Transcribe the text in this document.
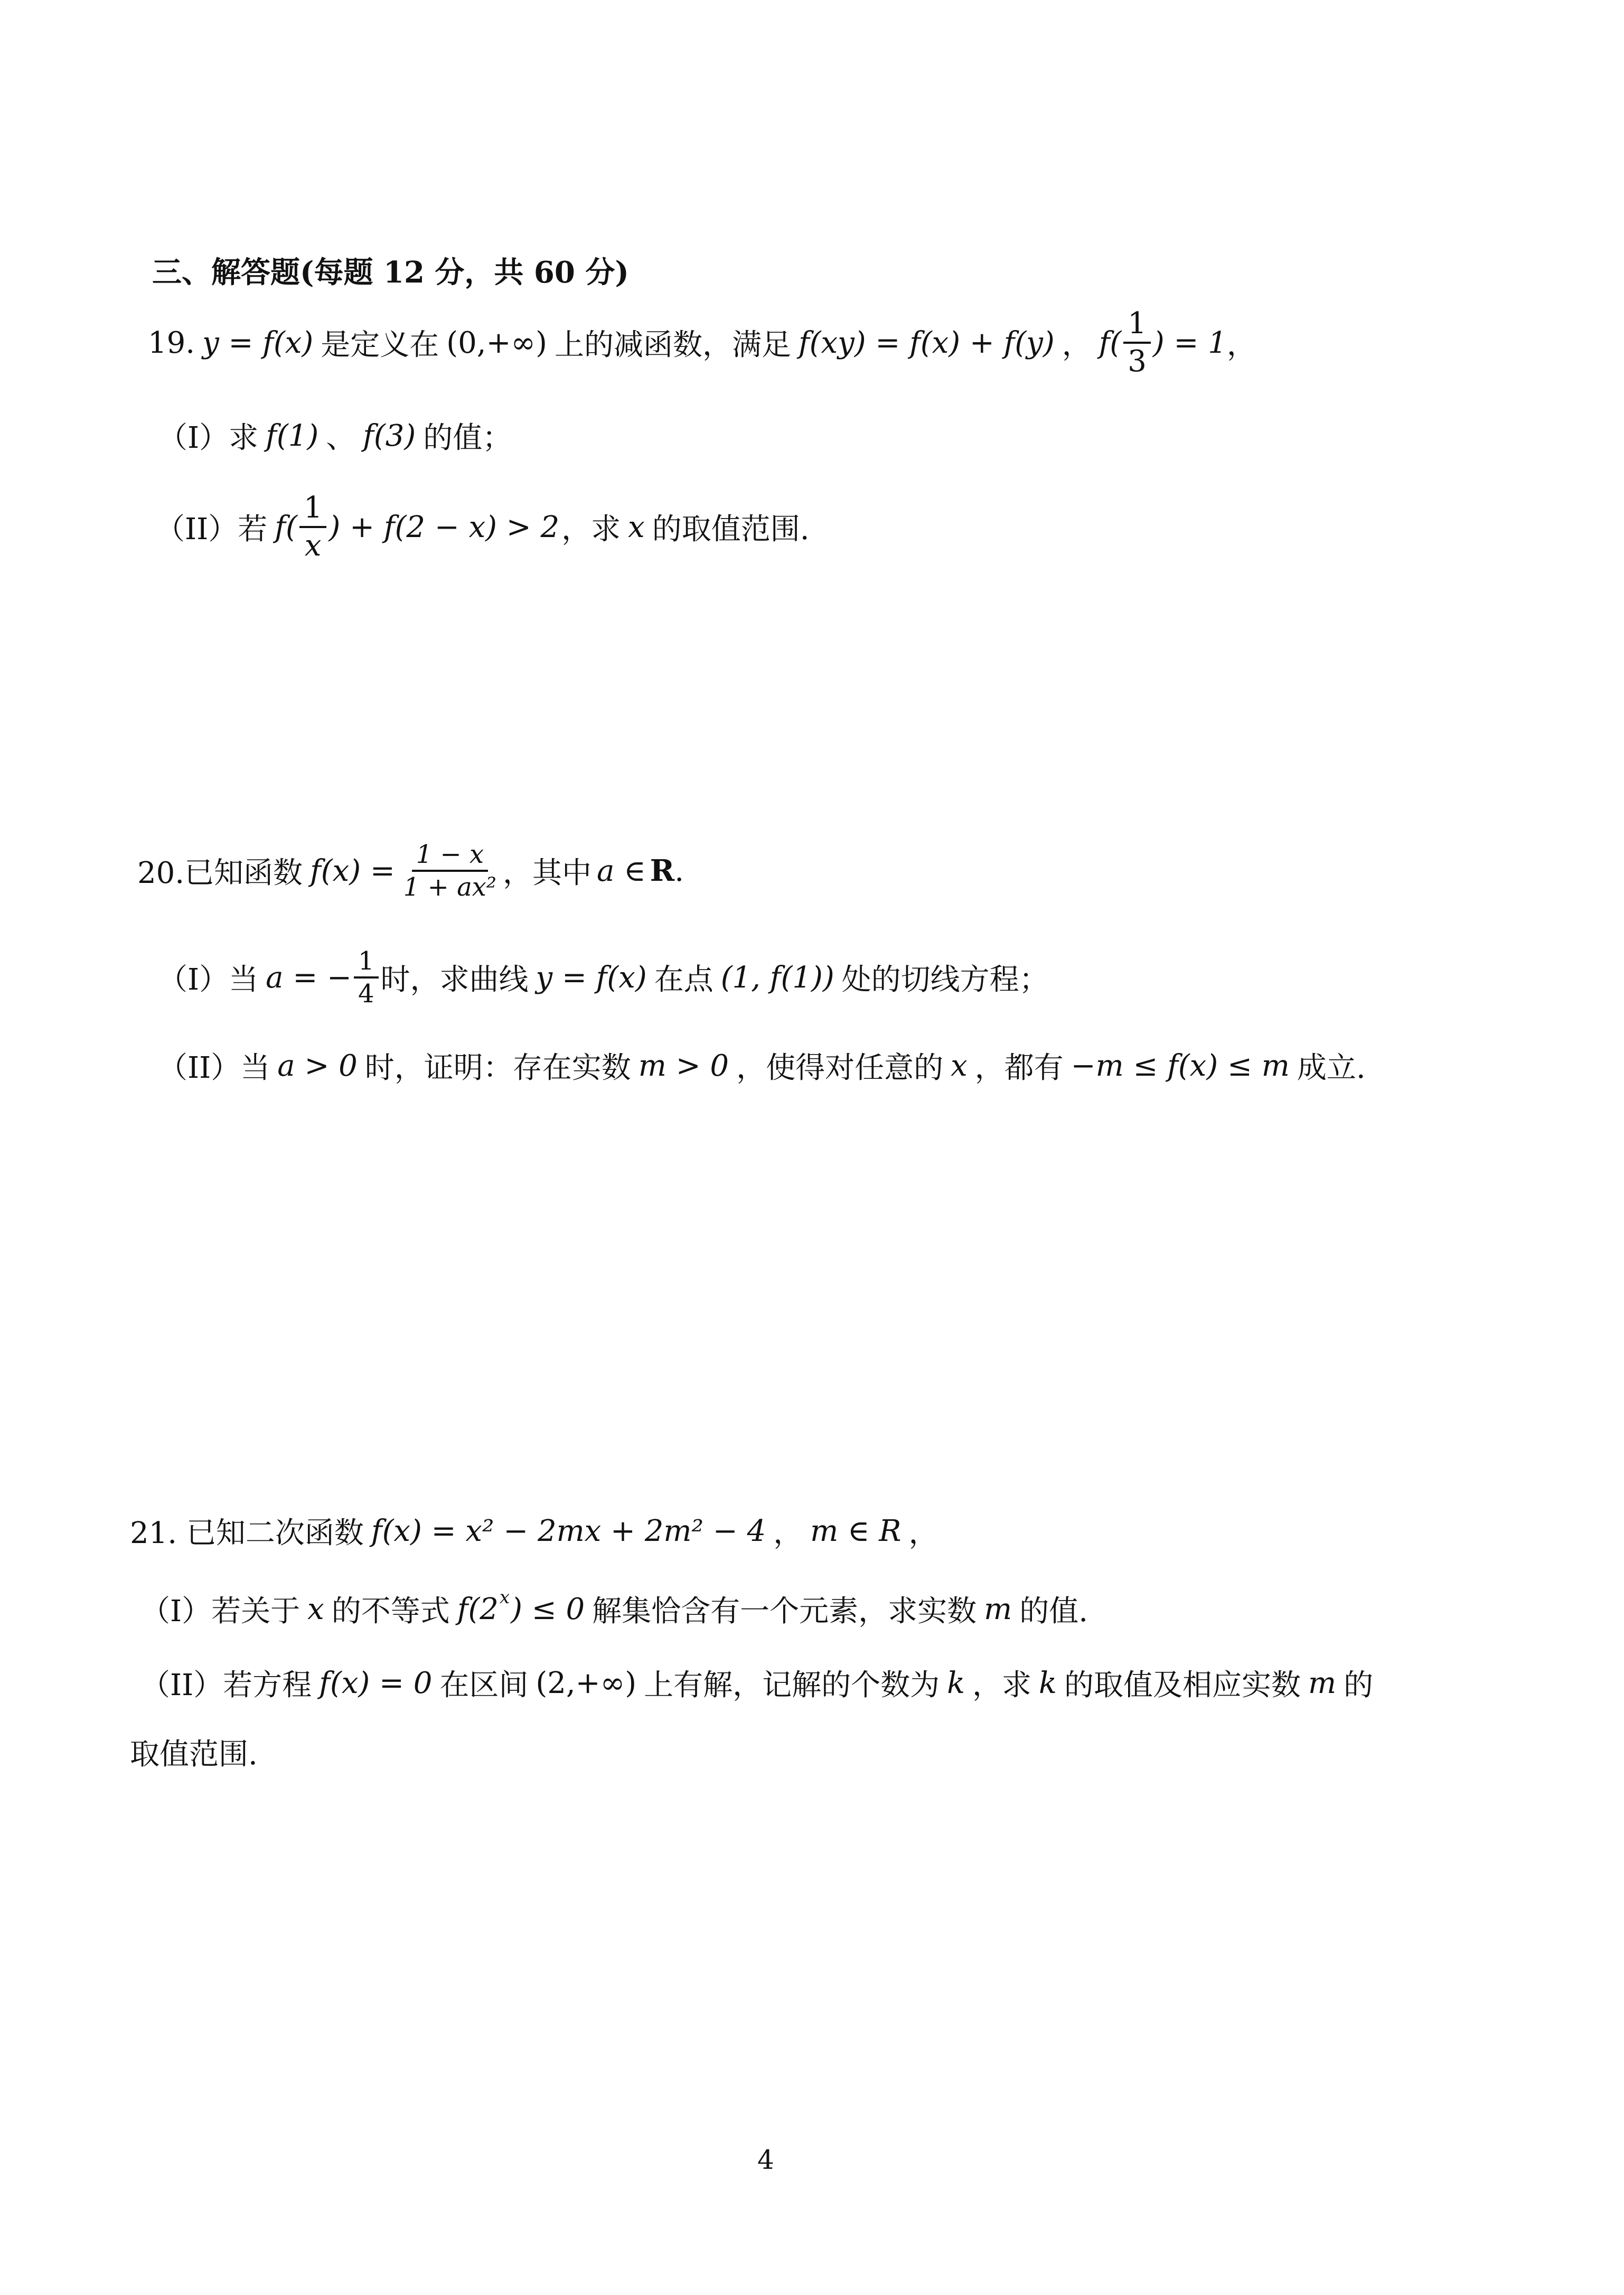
三、解答题(每题 12 分，共 60 分)
19. y = f(x) 是定义在 (0,+∞) 上的减函数，满足 f(xy) = f(x) + f(y) ， $f( \frac{1}{3}$ ) = 1 ，
（I）求 f(1) 、 f(3) 的值；
（II）若 $f( \frac{1}{x}$ ) + f(2 − x) > 2 ，求 x 的取值范围.
20.已知函数 $f(x) = \frac{1 - x}{\text{1 + ax²}}$ ，其中 a ∈ R .
（I）当 a = − $\frac{1}{4}$ 时，求曲线 y = f(x) 在点 (1, f(1)) 处的切线方程；
（II）当 a > 0 时，证明：存在实数 m > 0 ，使得对任意的 x ，都有 −m ≤ f(x) ≤ m 成立.
21. 已知二次函数 f(x) = x² − 2mx + 2m² − 4 ， m ∈ R ，
（I）若关于 x 的不等式 f(2 x ) ≤ 0 解集恰含有一个元素，求实数 m 的值.
（II）若方程 f(x) = 0 在区间 (2,+∞) 上有解，记解的个数为 k ，求 k 的取值及相应实数 m 的
取值范围.
4
